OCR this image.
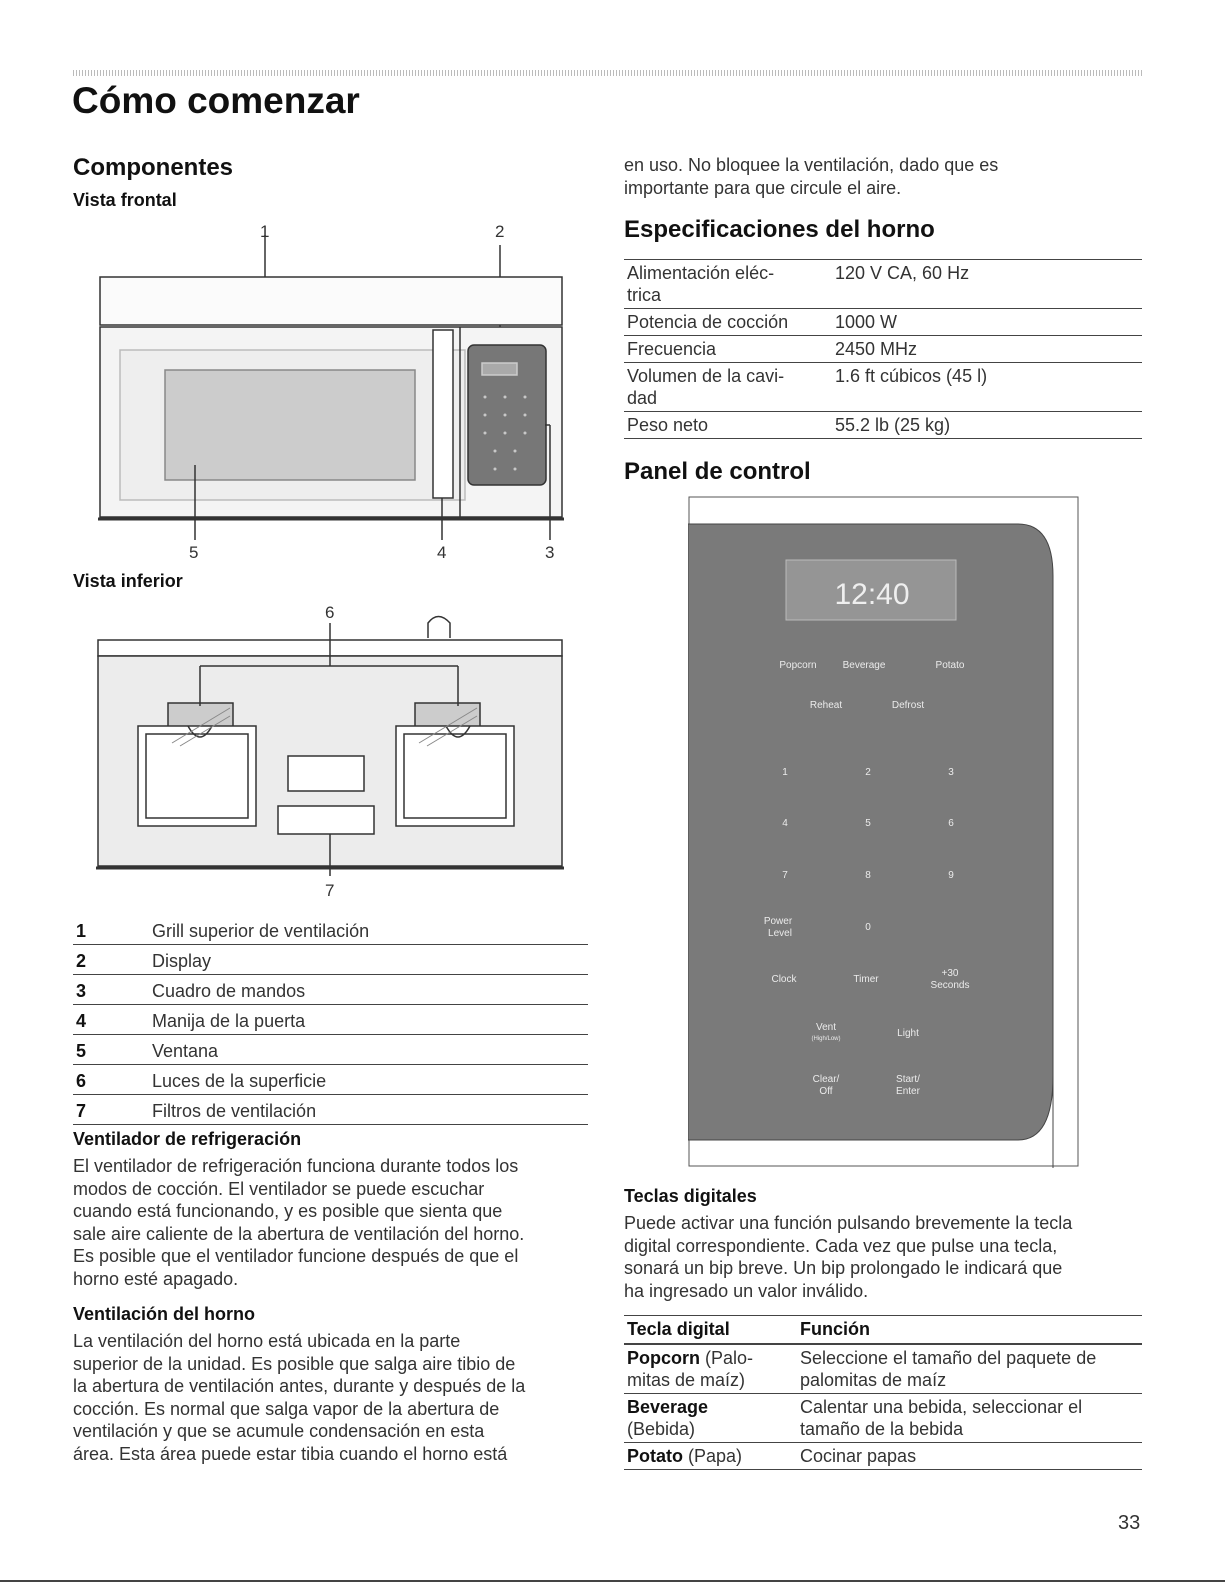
Cómo comenzar
Componentes
Vista frontal
1	2
3
4
5
Vista inferior
6
7
1	Grill superior de ventilación
2	Display
3	Cuadro de mandos
4	Manija de la puerta
5	Ventana
6	Luces de la superficie
7	Filtros de ventilación
Ventilador de refrigeración
El ventilador de refrigeración funciona durante todos los
modos de cocción. El ventilador se puede escuchar
cuando está funcionando, y es posible que sienta que
sale aire caliente de la abertura de ventilación del horno.
Es posible que el ventilador funcione después de que el
horno esté apagado.
Ventilación del horno
La ventilación del horno está ubicada en la parte
superior de la unidad. Es posible que salga aire tibio de
la abertura de ventilación antes, durante y después de la
cocción. Es normal que salga vapor de la abertura de
ventilación y que se acumule condensación en esta
área. Esta área puede estar tibia cuando el horno está
en uso. No bloquee la ventilación, dado que es
importante para que circule el aire.
Especificaciones del horno
Alimentación eléc-
trica	120 V CA, 60 Hz
Potencia de cocción	1000 W
Frecuencia	2450 MHz
Volumen de la cavi-
dad	1.6 ft cúbicos (45 l)
Peso neto	55.2 lb (25 kg)
Panel de control
12:40
Popcorn	Beverage	Potato
Reheat	Defrost
1	2	3
4	5	6
7	8	9
Power
Level
0
Clock	Timer
+30
Seconds
Vent
(High/Low)	Light
Clear/
Off
Start/
Enter
Teclas digitales
Puede activar una función pulsando brevemente la tecla
digital correspondiente. Cada vez que pulse una tecla,
sonará un bip breve. Un bip prolongado le indicará que
ha ingresado un valor inválido.
Tecla digital	Función
Popcorn (Palo-
mitas de maíz)	Seleccione el tamaño del paquete de
palomitas de maíz
Beverage
(Bebida)	Calentar una bebida, seleccionar el
tamaño de la bebida
Potato (Papa)	Cocinar papas
33
